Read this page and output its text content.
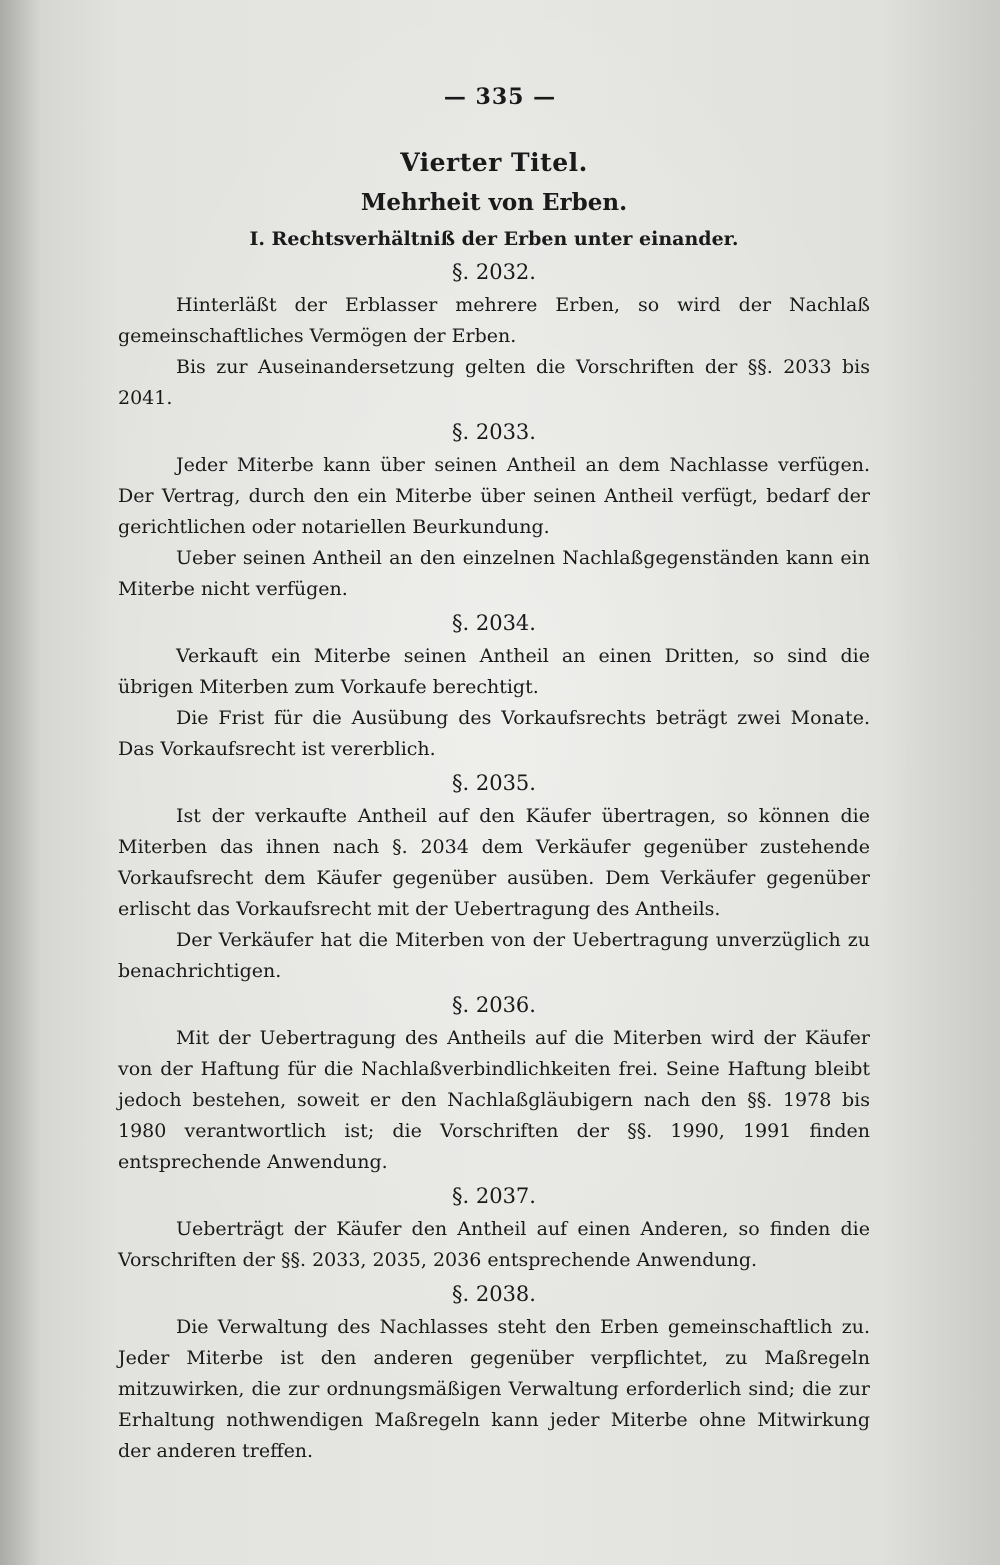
— 335 —
Vierter Titel.
Mehrheit von Erben.
I. Rechtsverhältniß der Erben unter einander.
§. 2032.

Hinterläßt der Erblasser mehrere Erben, so wird der Nachlaß gemeinschaftliches Vermögen der Erben.

Bis zur Auseinandersetzung gelten die Vorschriften der §§. 2033 bis 2041.

§. 2033.

Jeder Miterbe kann über seinen Antheil an dem Nachlasse verfügen. Der Vertrag, durch den ein Miterbe über seinen Antheil verfügt, bedarf der gerichtlichen oder notariellen Beurkundung.

Ueber seinen Antheil an den einzelnen Nachlaßgegenständen kann ein Miterbe nicht verfügen.

§. 2034.

Verkauft ein Miterbe seinen Antheil an einen Dritten, so sind die übrigen Miterben zum Vorkaufe berechtigt.

Die Frist für die Ausübung des Vorkaufsrechts beträgt zwei Monate. Das Vorkaufsrecht ist vererblich.

§. 2035.

Ist der verkaufte Antheil auf den Käufer übertragen, so können die Miterben das ihnen nach §. 2034 dem Verkäufer gegenüber zustehende Vorkaufsrecht dem Käufer gegenüber ausüben. Dem Verkäufer gegenüber erlischt das Vorkaufsrecht mit der Uebertragung des Antheils.

Der Verkäufer hat die Miterben von der Uebertragung unverzüglich zu benachrichtigen.

§. 2036.

Mit der Uebertragung des Antheils auf die Miterben wird der Käufer von der Haftung für die Nachlaßverbindlichkeiten frei. Seine Haftung bleibt jedoch bestehen, soweit er den Nachlaßgläubigern nach den §§. 1978 bis 1980 verantwortlich ist; die Vorschriften der §§. 1990, 1991 finden entsprechende Anwendung.

§. 2037.

Ueberträgt der Käufer den Antheil auf einen Anderen, so finden die Vorschriften der §§. 2033, 2035, 2036 entsprechende Anwendung.

§. 2038.

Die Verwaltung des Nachlasses steht den Erben gemeinschaftlich zu. Jeder Miterbe ist den anderen gegenüber verpflichtet, zu Maßregeln mitzuwirken, die zur ordnungsmäßigen Verwaltung erforderlich sind; die zur Erhaltung nothwendigen Maßregeln kann jeder Miterbe ohne Mitwirkung der anderen treffen.
